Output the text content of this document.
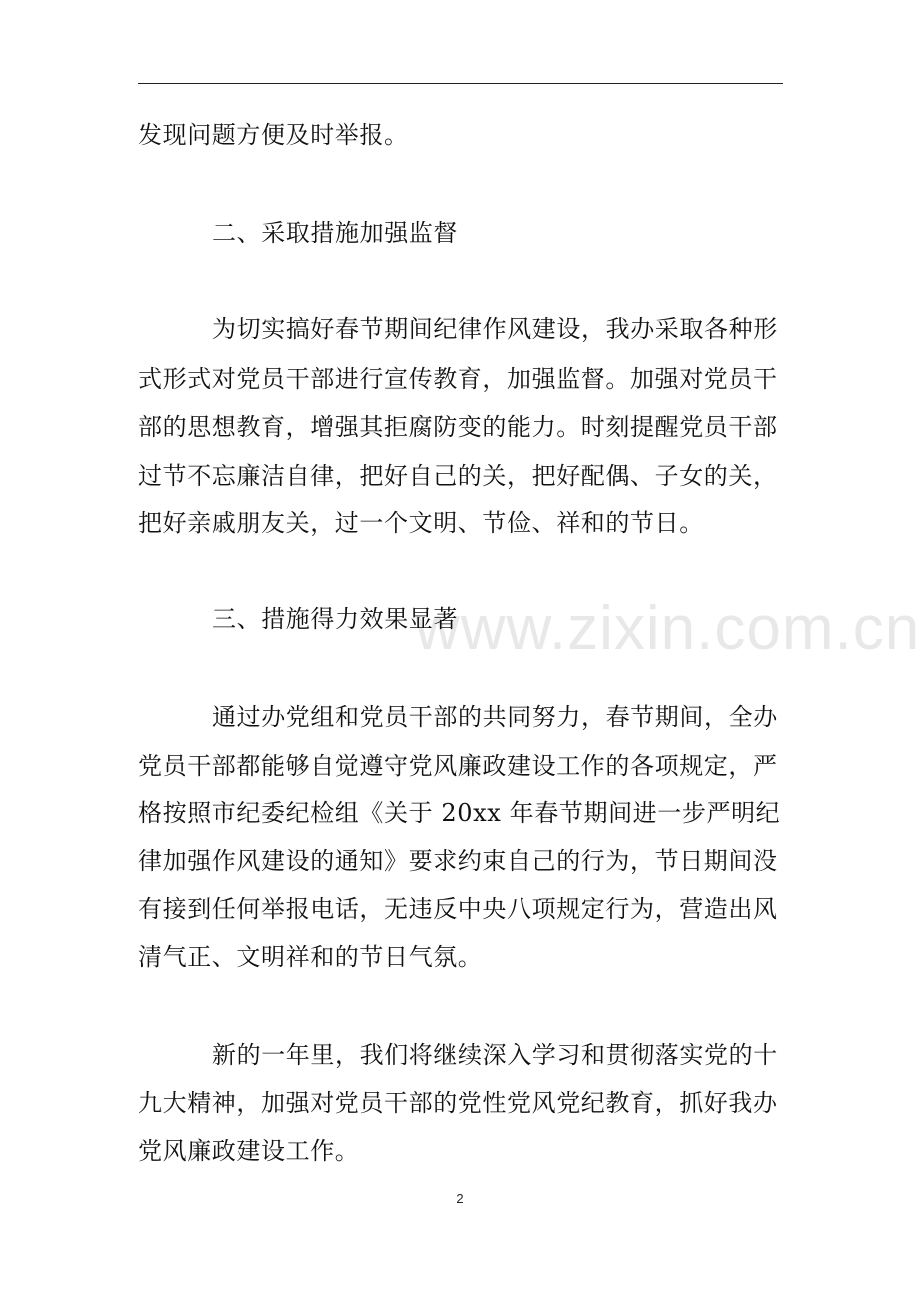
www.zixin.com.cn
发现问题方便及时举报。
二、采取措施加强监督
为切实搞好春节期间纪律作风建设，我办采取各种形
式形式对党员干部进行宣传教育，加强监督。加强对党员干
部的思想教育，增强其拒腐防变的能力。时刻提醒党员干部
过节不忘廉洁自律，把好自己的关，把好配偶、子女的关，
把好亲戚朋友关，过一个文明、节俭、祥和的节日。
三、措施得力效果显著
通过办党组和党员干部的共同努力，春节期间，全办
党员干部都能够自觉遵守党风廉政建设工作的各项规定，严
格按照市纪委纪检组《关于 20xx 年春节期间进一步严明纪
律加强作风建设的通知》要求约束自己的行为，节日期间没
有接到任何举报电话，无违反中央八项规定行为，营造出风
清气正、文明祥和的节日气氛。
新的一年里，我们将继续深入学习和贯彻落实党的十
九大精神，加强对党员干部的党性党风党纪教育，抓好我办
党风廉政建设工作。
2
